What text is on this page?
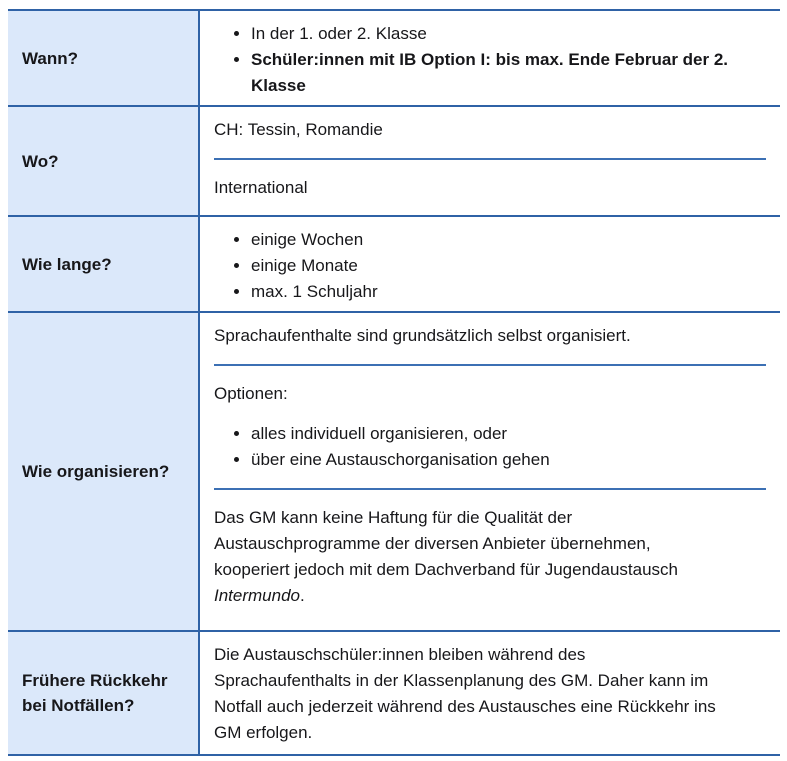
Wann?
• In der 1. oder 2. Klasse
• Schüler:innen mit IB Option I: bis max. Ende Februar der 2. Klasse
Wo?

CH: Tessin, Romandie

International

Wie lange?
• einige Wochen
• einige Monate
• max. 1 Schuljahr
Wie organisieren?

Sprachaufenthalte sind grundsätzlich selbst organisiert.

Optionen:

• alles individuell organisieren, oder
• über eine Austauschorganisation gehen

Das GM kann keine Haftung für die Qualität der Austauschprogramme der diversen Anbieter übernehmen, kooperiert jedoch mit dem Dachverband für Jugendaustausch Intermundo.

Frühere Rückkehr bei Notfällen?

Die Austauschschüler:innen bleiben während des Sprachaufenthalts in der Klassenplanung des GM. Daher kann im Notfall auch jederzeit während des Austausches eine Rückkehr ins GM erfolgen.
